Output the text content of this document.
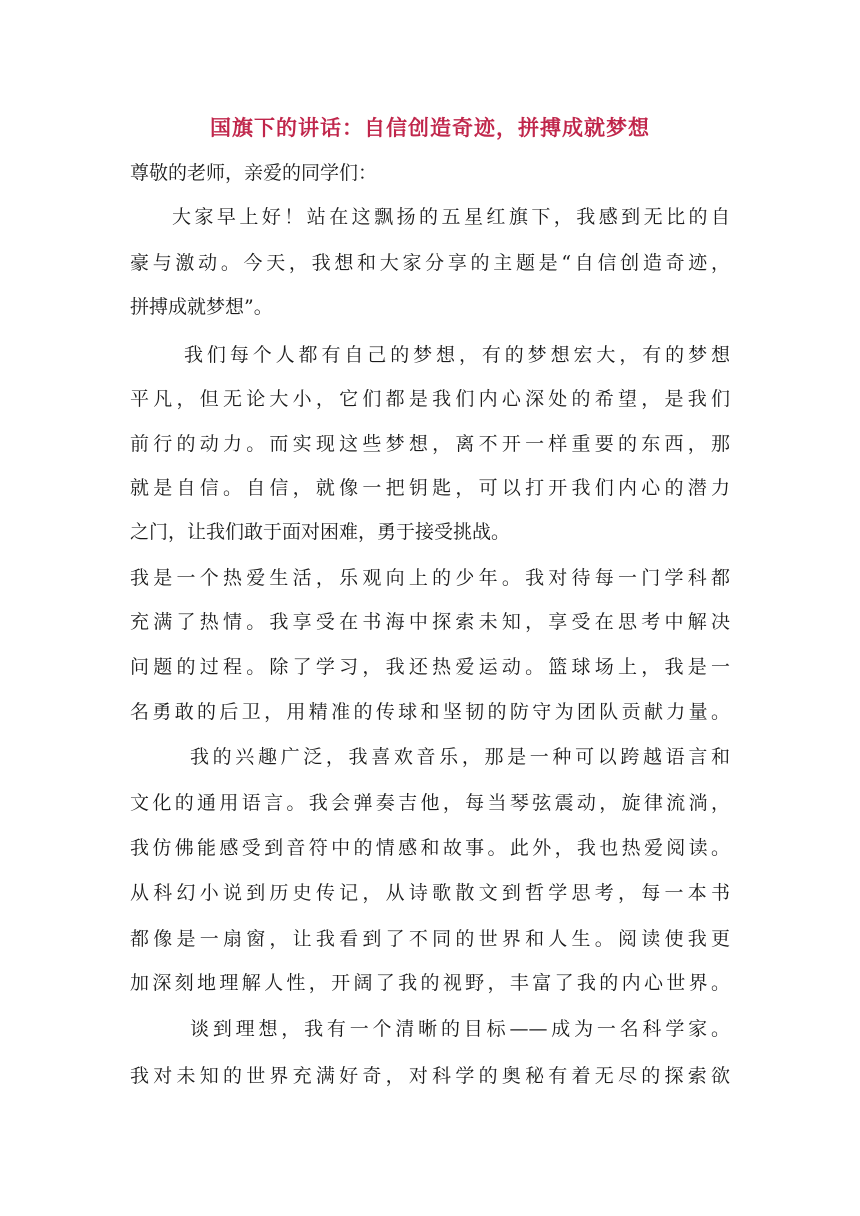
国旗下的讲话：自信创造奇迹，拼搏成就梦想
尊敬的老师，亲爱的同学们：
大家早上好！站在这飘扬的五星红旗下，我感到无比的自
豪与激动。今天，我想和大家分享的主题是“自信创造奇迹，
拼搏成就梦想”。
我们每个人都有自己的梦想，有的梦想宏大，有的梦想
平凡，但无论大小，它们都是我们内心深处的希望，是我们
前行的动力。而实现这些梦想，离不开一样重要的东西，那
就是自信。自信，就像一把钥匙，可以打开我们内心的潜力
之门，让我们敢于面对困难，勇于接受挑战。
我是一个热爱生活，乐观向上的少年。我对待每一门学科都
充满了热情。我享受在书海中探索未知，享受在思考中解决
问题的过程。除了学习，我还热爱运动。篮球场上，我是一
名勇敢的后卫，用精准的传球和坚韧的防守为团队贡献力量。
我的兴趣广泛，我喜欢音乐，那是一种可以跨越语言和
文化的通用语言。我会弹奏吉他，每当琴弦震动，旋律流淌，
我仿佛能感受到音符中的情感和故事。此外，我也热爱阅读。
从科幻小说到历史传记，从诗歌散文到哲学思考，每一本书
都像是一扇窗，让我看到了不同的世界和人生。阅读使我更
加深刻地理解人性，开阔了我的视野，丰富了我的内心世界。
谈到理想，我有一个清晰的目标——成为一名科学家。
我对未知的世界充满好奇，对科学的奥秘有着无尽的探索欲
